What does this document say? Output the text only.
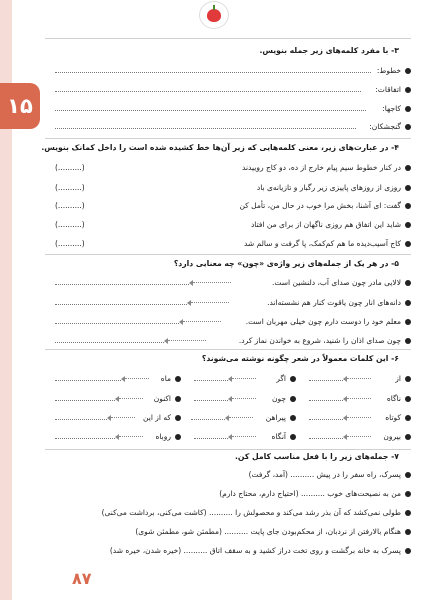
۱۵
۸۷
۳- با مفرد کلمه‌های زیر جمله بنویس.
خطوط:
اتفاقات:
کاجها:
گنجشکان:
۴- در عبارت‌های زیر، معنی کلمه‌هایی که زیر آن‌ها خط کشیده شده است را داخل کمانک بنویس.
در کنار خطوط سیم پیام خارج از ده، دو کاج روییدند
(..........)
روزی از روزهای پاییزی زیر رگبار و تازیانه‌ی باد
(..........)
گفت: ای آشنا، بخش مرا خوب در حال من، تأمل کن
(..........)
شاید این اتفاق هم روزی ناگهان از برای من افتاد
(..........)
کاج آسیب‌دیده ما هم کم‌کمک، پا گرفت و سالم شد
(..........)
۵- در هر یک از جمله‌های زیر واژه‌ی «چون» چه معنایی دارد؟
لالایی مادر چون صدای آب، دلنشین است.
دانه‌های انار چون یاقوت کنار هم نشسته‌اند.
معلم خود را دوست دارم چون خیلی مهربان است.
چون صدای اذان را شنید، شروع به خواندن نماز کرد.
۶- این کلمات معمولاً در شعر چگونه نوشته می‌شوند؟
از
اگر
ماه
ناگاه
چون
اکنون
کوتاه
پیراهن
که از این
بیرون
آنگاه
روباه
۷- جمله‌های زیر را با فعل مناسب کامل کن.
پسرک، راه سفر را در پیش .......... (آمد، گرفت)
من به نصیحت‌های خوب .......... (احتیاج دارم، محتاج دارم)
طولی نمی‌کشد که آن بذر رشد می‌کند و محصولش را .......... (کاشت می‌کنی، برداشت می‌کنی)
هنگام بالارفتن از نردبان، از محکم‌بودن جای پایت .......... (مطمئن شو، مطمئن شوی)
پسرک به خانه برگشت و روی تخت دراز کشید و به سقف اتاق .......... (خیره شدن، خیره شد)
